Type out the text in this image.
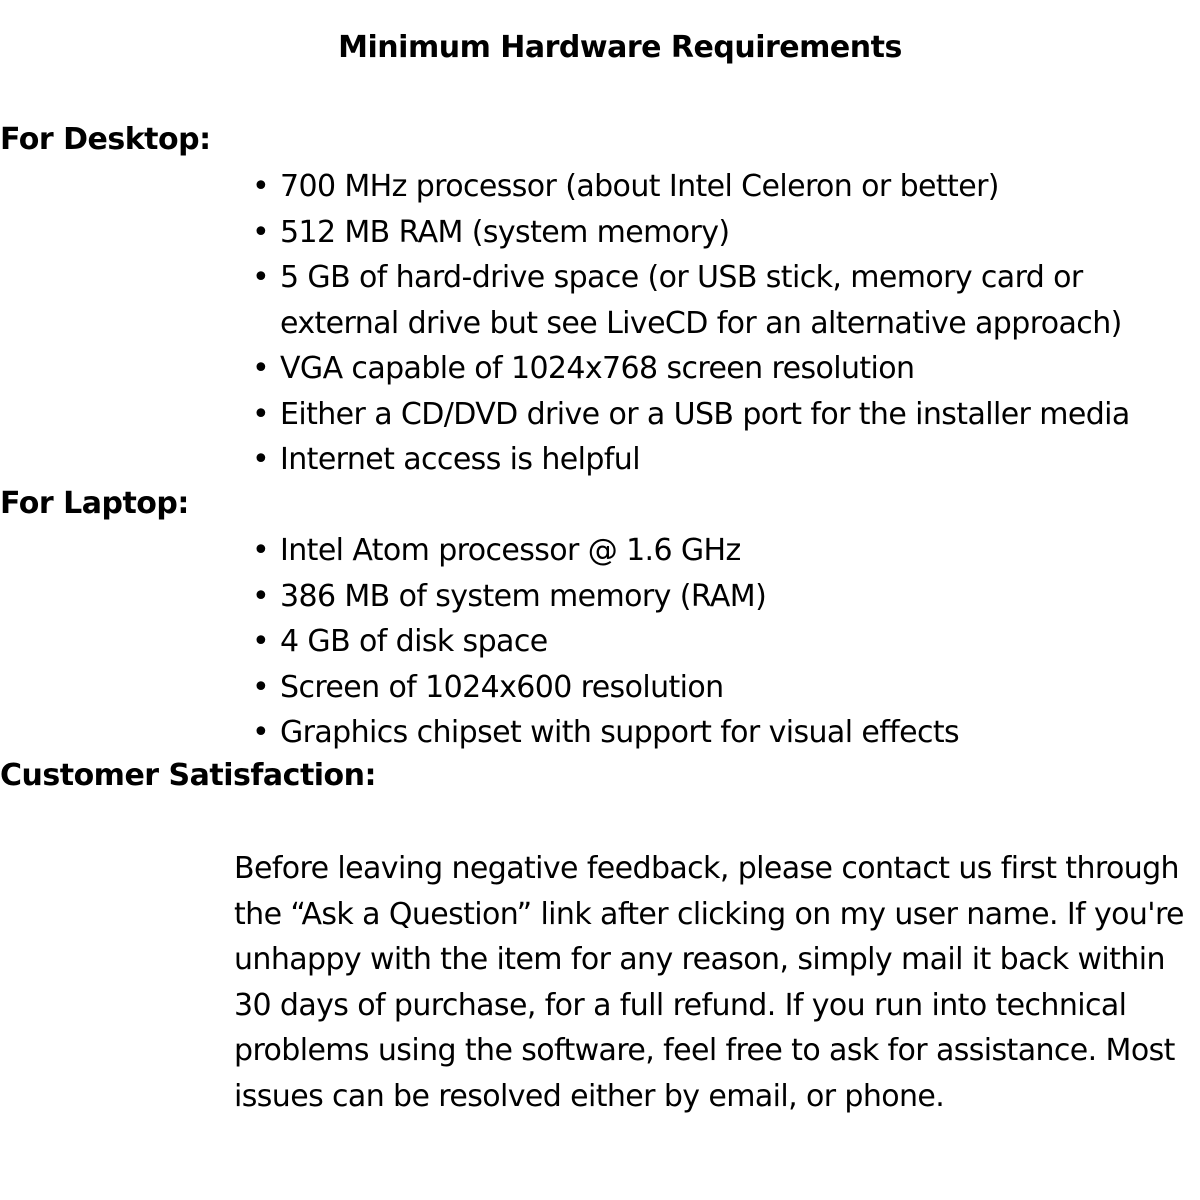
Minimum Hardware Requirements
For Desktop:
• 700 MHz processor (about Intel Celeron or better)
• 512 MB RAM (system memory)
• 5 GB of hard-drive space (or USB stick, memory card or
external drive but see LiveCD for an alternative approach)
• VGA capable of 1024x768 screen resolution
• Either a CD/DVD drive or a USB port for the installer media
• Internet access is helpful
For Laptop:
• Intel Atom processor @ 1.6 GHz
• 386 MB of system memory (RAM)
• 4 GB of disk space
• Screen of 1024x600 resolution
• Graphics chipset with support for visual effects
Customer Satisfaction:
Before leaving negative feedback, please contact us first through the “Ask a Question” link after clicking on my user name. If you're unhappy with the item for any reason, simply mail it back within 30 days of purchase, for a full refund. If you run into technical problems using the software, feel free to ask for assistance. Most issues can be resolved either by email, or phone.
